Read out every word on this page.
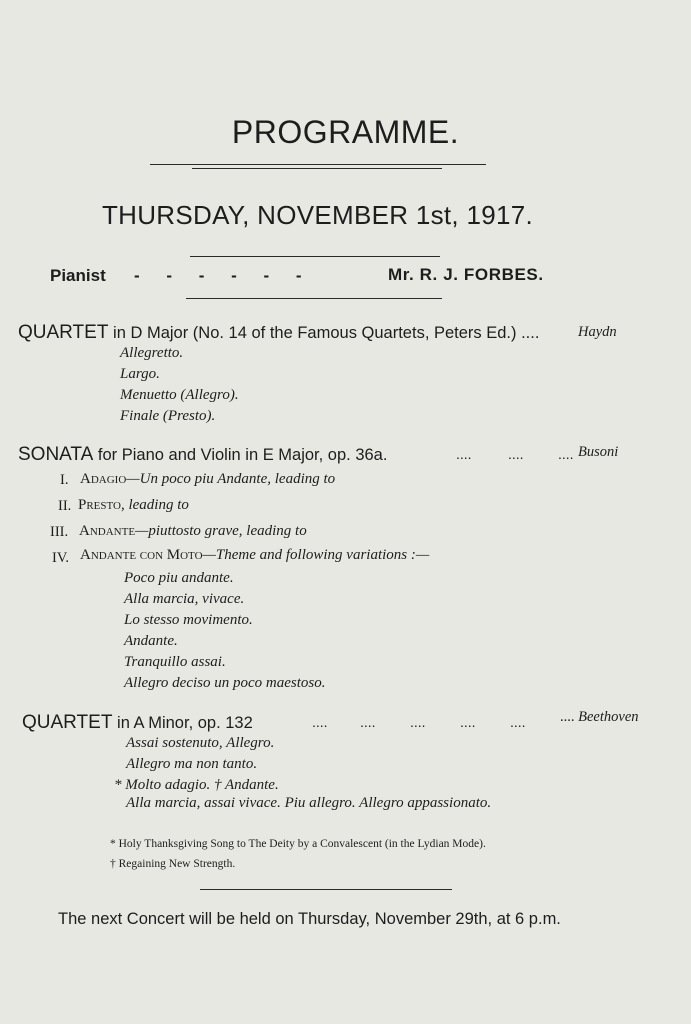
PROGRAMME.
THURSDAY, NOVEMBER 1st, 1917.
Pianist - - - - - -	Mr. R. J. FORBES.
QUARTET in D Major (No. 14 of the Famous Quartets, Peters Ed.) ....	Haydn
Allegretto.
Largo.
Menuetto (Allegro).
Finale (Presto).
SONATA for Piano and Violin in E Major, op. 36a.	....	.... .... Busoni
I. Adagio—Un poco piu Andante, leading to
II. Presto, leading to
III. Andante—piuttosto grave, leading to
IV. Andante con Moto—Theme and following variations :—
Poco piu andante.
Alla marcia, vivace.
Lo stesso movimento.
Andante.
Tranquillo assai.
Allegro deciso un poco maestoso.
QUARTET in A Minor, op. 132	.... .... .... .... .... .... Beethoven
Assai sostenuto, Allegro.
Allegro ma non tanto.
* Molto adagio. † Andante.
Alla marcia, assai vivace. Piu allegro. Allegro appassionato.
* Holy Thanksgiving Song to The Deity by a Convalescent (in the Lydian Mode).
† Regaining New Strength.
The next Concert will be held on Thursday, November 29th, at 6 p.m.
